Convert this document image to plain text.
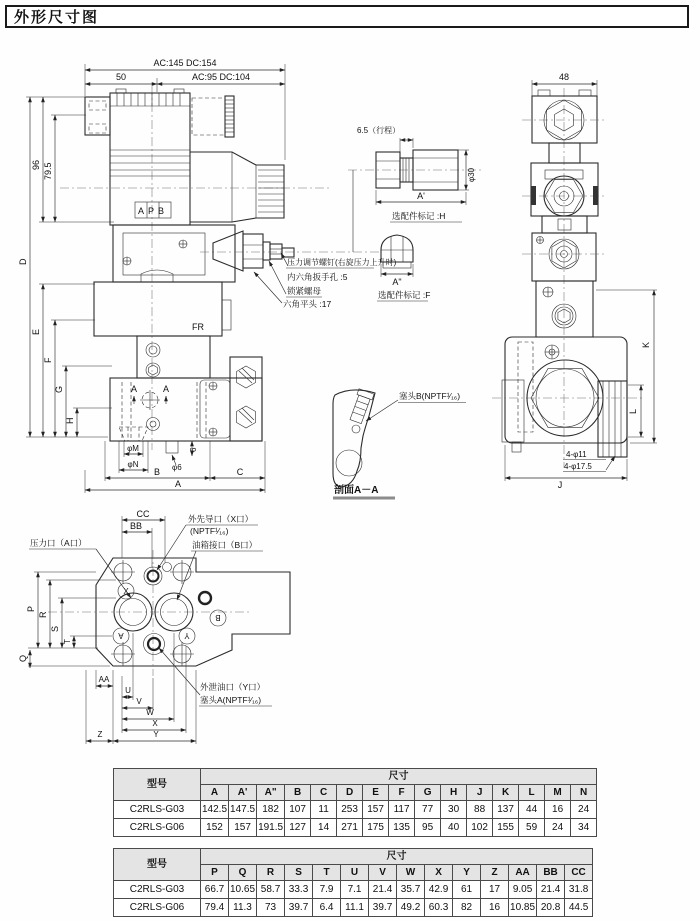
外形尺寸图
AC:145 DC:154
50	AC:95 DC:104
D
96 79.5
E
F
G
H
APB
FR
A	A
φM
φN	φ6
6
B	C
A
压力调节螺钉(右旋压力上升时)
内六角扳手孔 :5
锁紧螺母
六角平头 :17
6.5（行程）
φ30
A'
选配件标记 :H
A"
选配件标记 :F
48
K
L
4-φ11
4-φ17.5
J
塞头B(NPTF¹⁄₁₆)
剖面A－A
X
B
A	Y
CC
BB
外先导口（X口）
(NPTF¹⁄₁₆)
压力口（A口）	油箱接口（B口）
P
R
S
T
Q
AA
U
V
W
X
Y
Z
外泄油口（Y口）
塞头A(NPTF¹⁄₁₆)
型号	尺寸														
	A	A'	A"	B	C	D	E	F	G	H	J	K	L	M	N
C2RLS-G03	142.5	147.5	182	107	11	253	157	117	77	30	88	137	44	16	24
C2RLS-G06	152	157	191.5	127	14	271	175	135	95	40	102	155	59	24	34
型号	尺寸													
	P	Q	R	S	T	U	V	W	X	Y	Z	AA	BB	CC
C2RLS-G03	66.7	10.65	58.7	33.3	7.9	7.1	21.4	35.7	42.9	61	17	9.05	21.4	31.8
C2RLS-G06	79.4	11.3	73	39.7	6.4	11.1	39.7	49.2	60.3	82	16	10.85	20.8	44.5
